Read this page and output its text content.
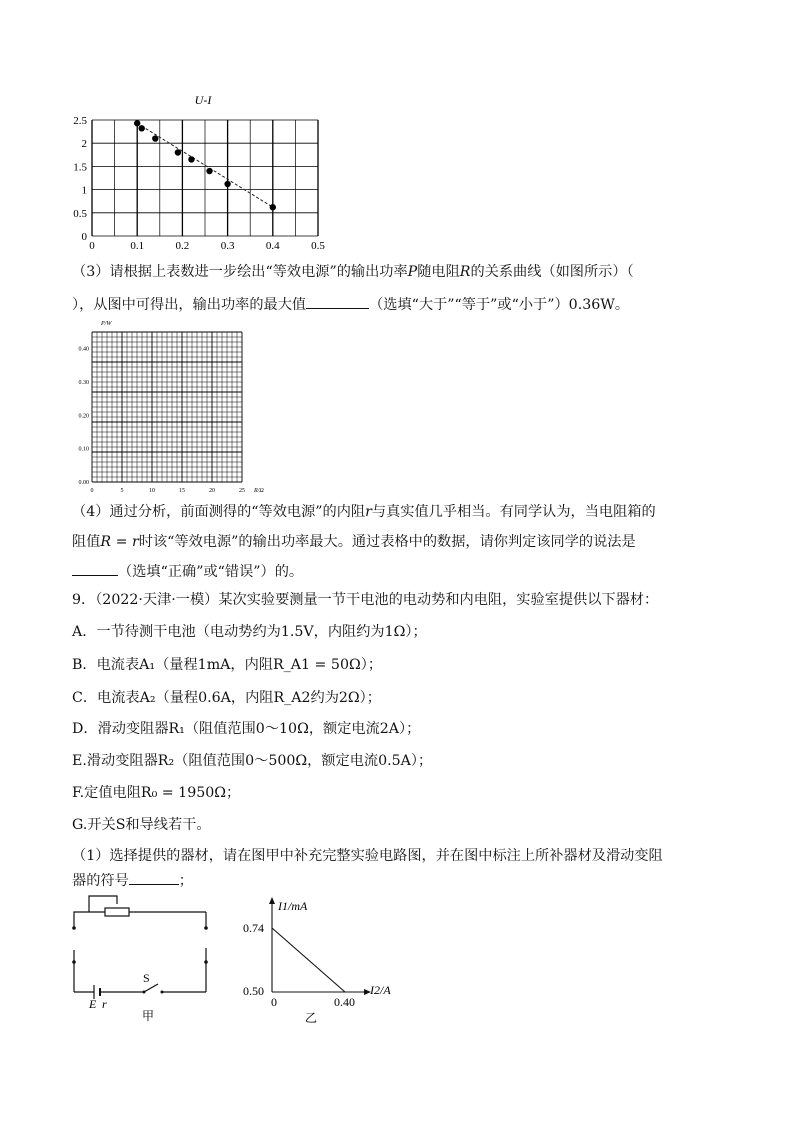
U-I
0	0.1	0.2	0.3	0.4	0.5
0
0.5
1
1.5
2
2.5
（3）请根据上表数进一步绘出“等效电源”的输出功率P随电阻R的关系曲线（如图所示）（
），从图中可得出，输出功率的最大值	（选填“大于”“等于”或“小于”）0.36W。
P/W
0.00
0.10
0.20
0.30
0.40
0	5	10	15	20	25 R/Ω
（4）通过分析，前面测得的“等效电源”的内阻r与真实值几乎相当。有同学认为，当电阻箱的
阻值R = r时该“等效电源”的输出功率最大。通过表格中的数据，请你判定该同学的说法是
（选填“正确”或“错误”）的。
9．（2022·天津·一模）某次实验要测量一节干电池的电动势和内电阻，实验室提供以下器材：
A．一节待测干电池（电动势约为1.5V，内阻约为1Ω）；
B．电流表A₁（量程1mA，内阻R_A1 = 50Ω）；
C．电流表A₂（量程0.6A，内阻R_A2约为2Ω）；
D．滑动变阻器R₁（阻值范围0～10Ω，额定电流2A）；
E.滑动变阻器R₂（阻值范围0～500Ω，额定电流0.5A）；
F.定值电阻R₀ = 1950Ω；
G.开关S和导线若干。
（1）选择提供的器材，请在图甲中补充完整实验电路图，并在图中标注上所补器材及滑动变阻
器的符号	；
E r
S
甲
I1/mA
I2/A
0.74
0.50
0	0.40
乙
